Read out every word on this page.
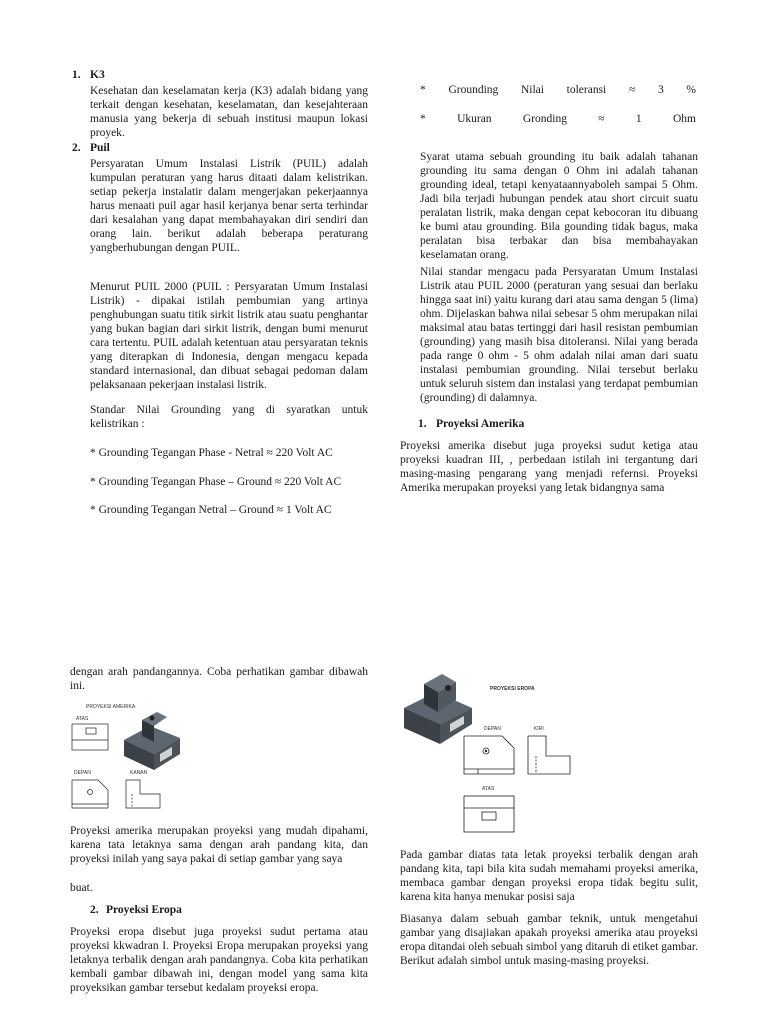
1. K3

Kesehatan dan keselamatan kerja (K3) adalah bidang yang terkait dengan kesehatan, keselamatan, dan kesejahteraan manusia yang bekerja di sebuah institusi maupun lokasi proyek.

2. Puil

Persyaratan Umum Instalasi Listrik (PUIL) adalah kumpulan peraturan yang harus ditaati dalam kelistrikan. setiap pekerja instalatir dalam mengerjakan pekerjaannya harus menaati puil agar hasil kerjanya benar serta terhindar dari kesalahan yang dapat membahayakan diri sendiri dan orang lain. berikut adalah beberapa peraturang yangberhubungan dengan PUIL.

Menurut PUIL 2000 (PUIL : Persyaratan Umum Instalasi Listrik) - dipakai istilah pembumian yang artinya penghubungan suatu titik sirkit listrik atau suatu penghantar yang bukan bagian dari sirkit listrik, dengan bumi menurut cara tertentu. PUIL adalah ketentuan atau persyaratan teknis yang diterapkan di Indonesia, dengan mengacu kepada standard internasional, dan dibuat sebagai pedoman dalam pelaksanaan pekerjaan instalasi listrik.

Standar Nilai Grounding yang di syaratkan untuk kelistrikan :

* Grounding Tegangan Phase - Netral ≈ 220 Volt AC
* Grounding Tegangan Phase – Ground ≈ 220 Volt AC
* Grounding Tegangan Netral – Ground ≈ 1 Volt AC

dengan arah pandangannya. Coba perhatikan gambar dibawah ini.

PROYEKSI AMERIKA
ATAS
DEPAN	KANAN

Proyeksi amerika merupakan proyeksi yang mudah dipahami, karena tata letaknya sama dengan arah pandang kita, dan proyeksi inilah yang saya pakai di setiap gambar yang saya

buat.

2. Proyeksi Eropa

Proyeksi eropa disebut juga proyeksi sudut pertama atau proyeksi kkwadran I. Proyeksi Eropa merupakan proyeksi yang letaknya terbalik dengan arah pandangnya. Coba kita perhatikan kembali gambar dibawah ini, dengan model yang sama kita proyeksikan gambar tersebut kedalam proyeksi eropa.

* Grounding Nilai toleransi ≈ 3 %
*	Ukuran	Gronding	≈	1	Ohm

Syarat utama sebuah grounding itu baik adalah tahanan grounding itu sama dengan 0 Ohm ini adalah tahanan grounding ideal, tetapi kenyataannyaboleh sampai 5 Ohm. Jadi bila terjadi hubungan pendek atau short circuit suatu peralatan listrik, maka dengan cepat kebocoran itu dibuang ke bumi atau grounding. Bila gounding tidak bagus, maka peralatan bisa terbakar dan bisa membahayakan keselamatan orang.

Nilai standar mengacu pada Persyaratan Umum Instalasi Listrik atau PUIL 2000 (peraturan yang sesuai dan berlaku hingga saat ini) yaitu kurang dari atau sama dengan 5 (lima) ohm. Dijelaskan bahwa nilai sebesar 5 ohm merupakan nilai maksimal atau batas tertinggi dari hasil resistan pembumian (grounding) yang masih bisa ditoleransi. Nilai yang berada pada range 0 ohm - 5 ohm adalah nilai aman dari suatu instalasi pembumian grounding. Nilai tersebut berlaku untuk seluruh sistem dan instalasi yang terdapat pembumian (grounding) di dalamnya.

1. Proyeksi Amerika

Proyeksi amerika disebut juga proyeksi sudut ketiga atau proyeksi kuadran III, , perbedaan istilah ini tergantung dari masing-masing pengarang yang menjadi refernsi. Proyeksi Amerika merupakan proyeksi yang letak bidangnya sama

PROYEKSI EROPA
DEPAN	KIRI
ATAS

Pada gambar diatas tata letak proyeksi terbalik dengan arah pandang kita, tapi bila kita sudah memahami proyeksi amerika, membaca gambar dengan proyeksi eropa tidak begitu sulit, karena kita hanya menukar posisi saja

Biasanya dalam sebuah gambar teknik, untuk mengetahui gambar yang disajiakan apakah proyeksi amerika atau proyeksi eropa ditandai oleh sebuah simbol yang ditaruh di etiket gambar. Berikut adalah simbol untuk masing-masing proyeksi.
